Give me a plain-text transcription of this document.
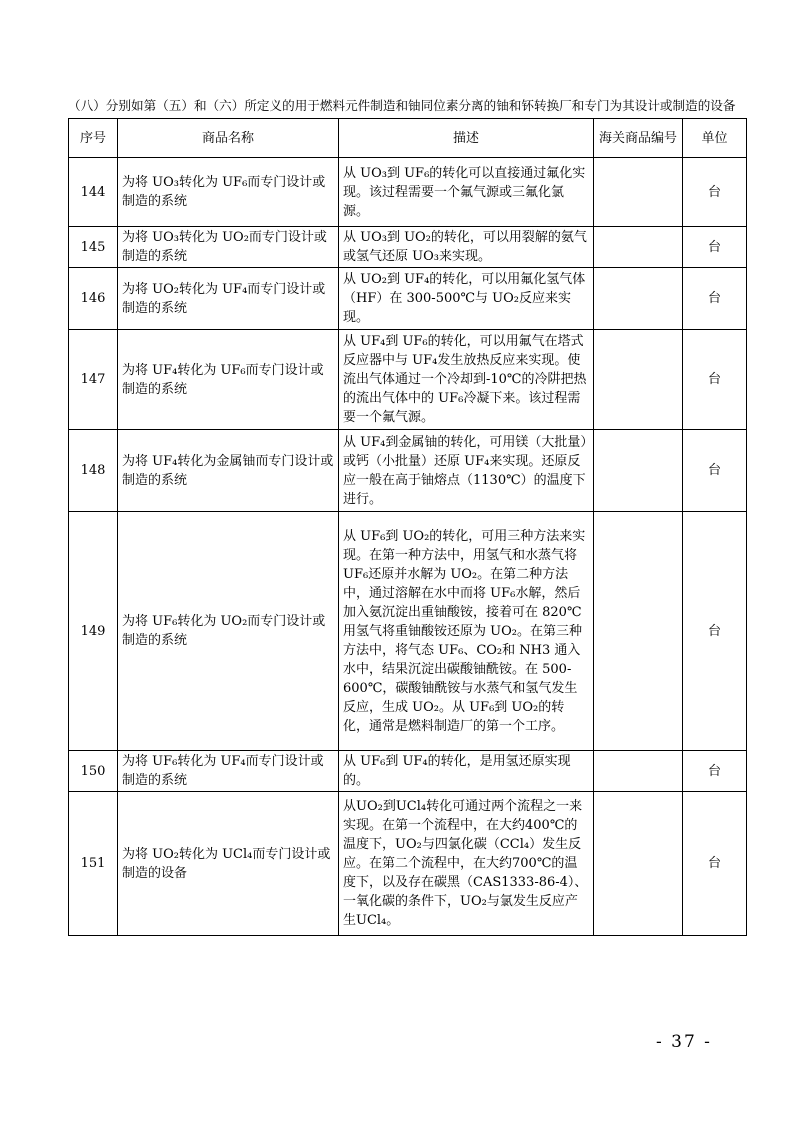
（八）分别如第（五）和（六）所定义的用于燃料元件制造和铀同位素分离的铀和钚转换厂和专门为其设计或制造的设备
序号	商品名称	描述	海关商品编号	单位
144	为将 UO₃转化为 UF₆而专门设计或制造的系统	从 UO₃到 UF₆的转化可以直接通过氟化实现。该过程需要一个氟气源或三氟化氯源。		台
145	为将 UO₃转化为 UO₂而专门设计或制造的系统	从 UO₃到 UO₂的转化，可以用裂解的氨气或氢气还原 UO₃来实现。		台
146	为将 UO₂转化为 UF₄而专门设计或制造的系统	从 UO₂到 UF₄的转化，可以用氟化氢气体（HF）在 300-500℃与 UO₂反应来实现。		台
147	为将 UF₄转化为 UF₆而专门设计或制造的系统	从 UF₄到 UF₆的转化，可以用氟气在塔式反应器中与 UF₄发生放热反应来实现。使流出气体通过一个冷却到-10℃的冷阱把热的流出气体中的 UF₆冷凝下来。该过程需要一个氟气源。		台
148	为将 UF₄转化为金属铀而专门设计或制造的系统	从 UF₄到金属铀的转化，可用镁（大批量）或钙（小批量）还原 UF₄来实现。还原反应一般在高于铀熔点（1130℃）的温度下进行。		台
149	为将 UF₆转化为 UO₂而专门设计或制造的系统	从 UF₆到 UO₂的转化，可用三种方法来实现。在第一种方法中，用氢气和水蒸气将 UF₆还原并水解为 UO₂。在第二种方法中，通过溶解在水中而将 UF₆水解，然后加入氨沉淀出重铀酸铵，接着可在 820℃用氢气将重铀酸铵还原为 UO₂。在第三种方法中，将气态 UF₆、CO₂和 NH3 通入水中，结果沉淀出碳酸铀酰铵。在 500-600℃，碳酸铀酰铵与水蒸气和氢气发生反应，生成 UO₂。从 UF₆到 UO₂的转化，通常是燃料制造厂的第一个工序。		台
150	为将 UF₆转化为 UF₄而专门设计或制造的系统	从 UF₆到 UF₄的转化，是用氢还原实现的。		台
151	为将 UO₂转化为 UCl₄而专门设计或制造的设备	从UO₂到UCl₄转化可通过两个流程之一来实现。在第一个流程中，在大约400℃的温度下，UO₂与四氯化碳（CCl₄）发生反应。在第二个流程中，在大约700℃的温度下，以及存在碳黑（CAS1333-86-4）、一氧化碳的条件下，UO₂与氯发生反应产生UCl₄。		台
- 37 -
